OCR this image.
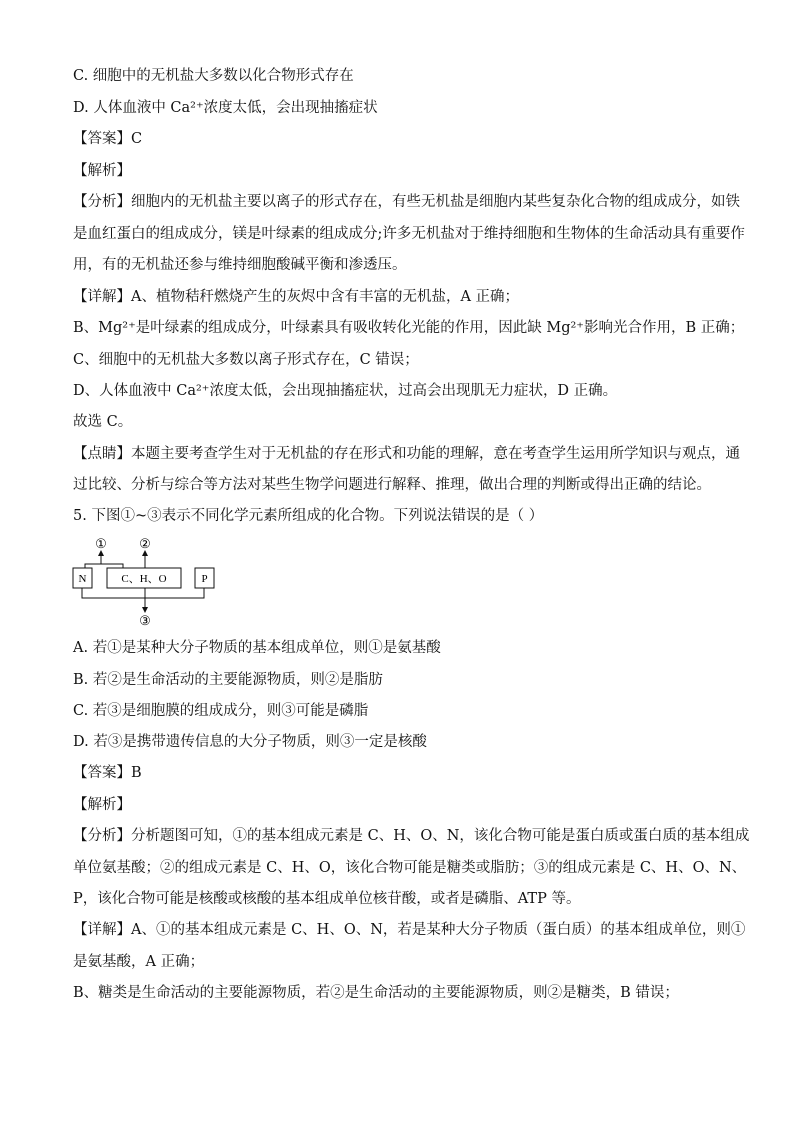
C. 细胞中的无机盐大多数以化合物形式存在
D. 人体血液中 Ca²⁺浓度太低，会出现抽搐症状
【答案】C
【解析】
【分析】细胞内的无机盐主要以离子的形式存在，有些无机盐是细胞内某些复杂化合物的组成成分，如铁
是血红蛋白的组成成分，镁是叶绿素的组成成分;许多无机盐对于维持细胞和生物体的生命活动具有重要作
用，有的无机盐还参与维持细胞酸碱平衡和渗透压。
【详解】A、植物秸秆燃烧产生的灰烬中含有丰富的无机盐，A 正确；
B、Mg²⁺是叶绿素的组成成分，叶绿素具有吸收转化光能的作用，因此缺 Mg²⁺影响光合作用，B 正确；
C、细胞中的无机盐大多数以离子形式存在，C 错误；
D、人体血液中 Ca²⁺浓度太低，会出现抽搐症状，过高会出现肌无力症状，D 正确。
故选 C。
【点睛】本题主要考查学生对于无机盐的存在形式和功能的理解，意在考查学生运用所学知识与观点，通
过比较、分析与综合等方法对某些生物学问题进行解释、推理，做出合理的判断或得出正确的结论。
5. 下图①~③表示不同化学元素所组成的化合物。下列说法错误的是（ ）
① ②
N	C、H、O	P
③
A. 若①是某种大分子物质的基本组成单位，则①是氨基酸
B. 若②是生命活动的主要能源物质，则②是脂肪
C. 若③是细胞膜的组成成分，则③可能是磷脂
D. 若③是携带遗传信息的大分子物质，则③一定是核酸
【答案】B
【解析】
【分析】分析题图可知，①的基本组成元素是 C、H、O、N，该化合物可能是蛋白质或蛋白质的基本组成
单位氨基酸；②的组成元素是 C、H、O，该化合物可能是糖类或脂肪；③的组成元素是 C、H、O、N、
P，该化合物可能是核酸或核酸的基本组成单位核苷酸，或者是磷脂、ATP 等。
【详解】A、①的基本组成元素是 C、H、O、N，若是某种大分子物质（蛋白质）的基本组成单位，则①
是氨基酸，A 正确；
B、糖类是生命活动的主要能源物质，若②是生命活动的主要能源物质，则②是糖类，B 错误；
